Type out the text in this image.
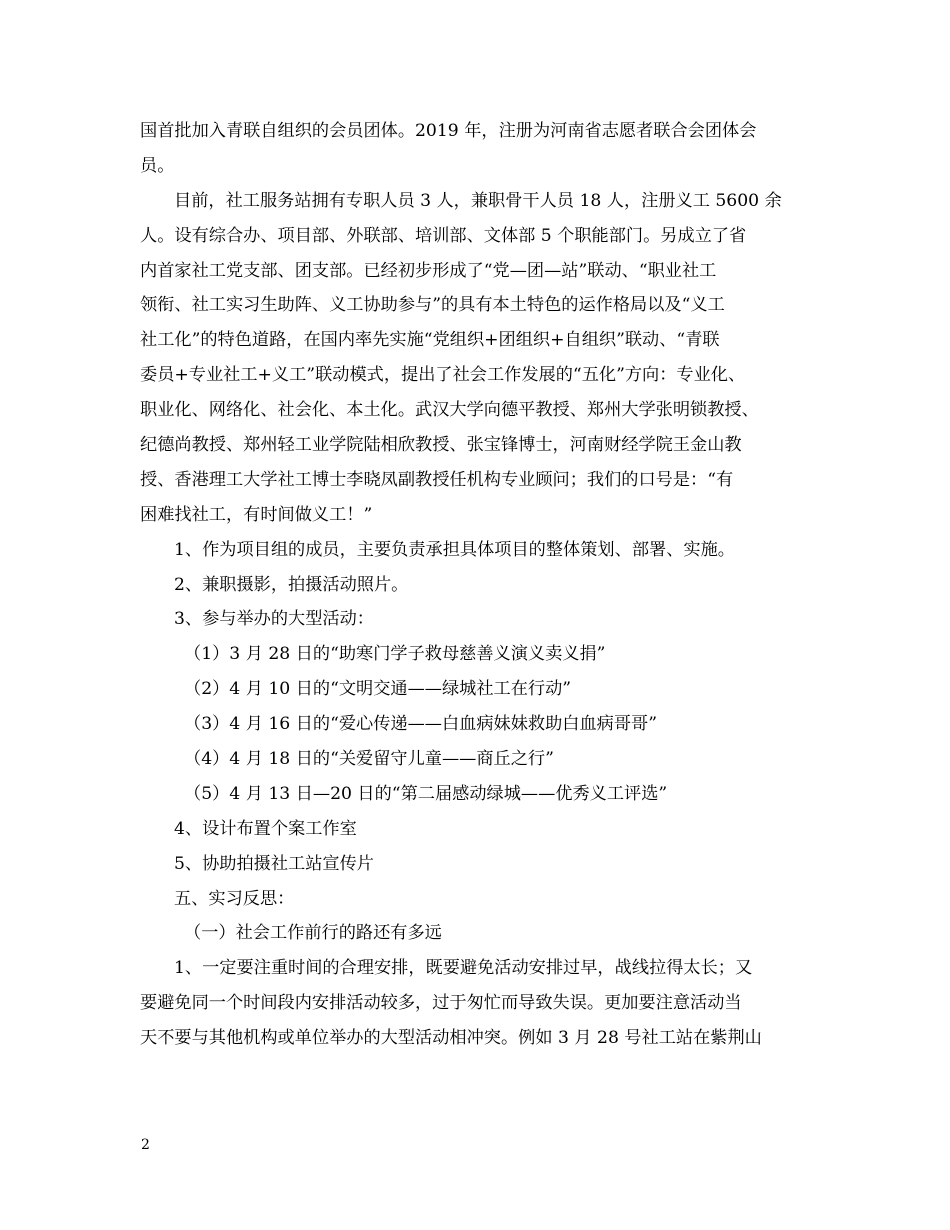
国首批加入青联自组织的会员团体。2019 年，注册为河南省志愿者联合会团体会
员。
目前，社工服务站拥有专职人员 3 人，兼职骨干人员 18 人，注册义工 5600 余
人。设有综合办、项目部、外联部、培训部、文体部 5 个职能部门。另成立了省
内首家社工党支部、团支部。已经初步形成了“党—团—站”联动、“职业社工
领衔、社工实习生助阵、义工协助参与”的具有本土特色的运作格局以及“义工
社工化”的特色道路，在国内率先实施“党组织+团组织+自组织”联动、“青联
委员+专业社工+义工”联动模式，提出了社会工作发展的“五化”方向：专业化、
职业化、网络化、社会化、本土化。武汉大学向德平教授、郑州大学张明锁教授、
纪德尚教授、郑州轻工业学院陆相欣教授、张宝锋博士，河南财经学院王金山教
授、香港理工大学社工博士李晓凤副教授任机构专业顾问；我们的口号是：“有
困难找社工，有时间做义工！”
1、作为项目组的成员，主要负责承担具体项目的整体策划、部署、实施。
2、兼职摄影，拍摄活动照片。
3、参与举办的大型活动：
（1）3 月 28 日的“助寒门学子救母慈善义演义卖义捐”
（2）4 月 10 日的“文明交通——绿城社工在行动”
（3）4 月 16 日的“爱心传递——白血病妹妹救助白血病哥哥”
（4）4 月 18 日的“关爱留守儿童——商丘之行”
（5）4 月 13 日—20 日的“第二届感动绿城——优秀义工评选”
4、设计布置个案工作室
5、协助拍摄社工站宣传片
五、实习反思：
（一）社会工作前行的路还有多远
1、一定要注重时间的合理安排，既要避免活动安排过早，战线拉得太长；又
要避免同一个时间段内安排活动较多，过于匆忙而导致失误。更加要注意活动当
天不要与其他机构或单位举办的大型活动相冲突。例如 3 月 28 号社工站在紫荆山
2
